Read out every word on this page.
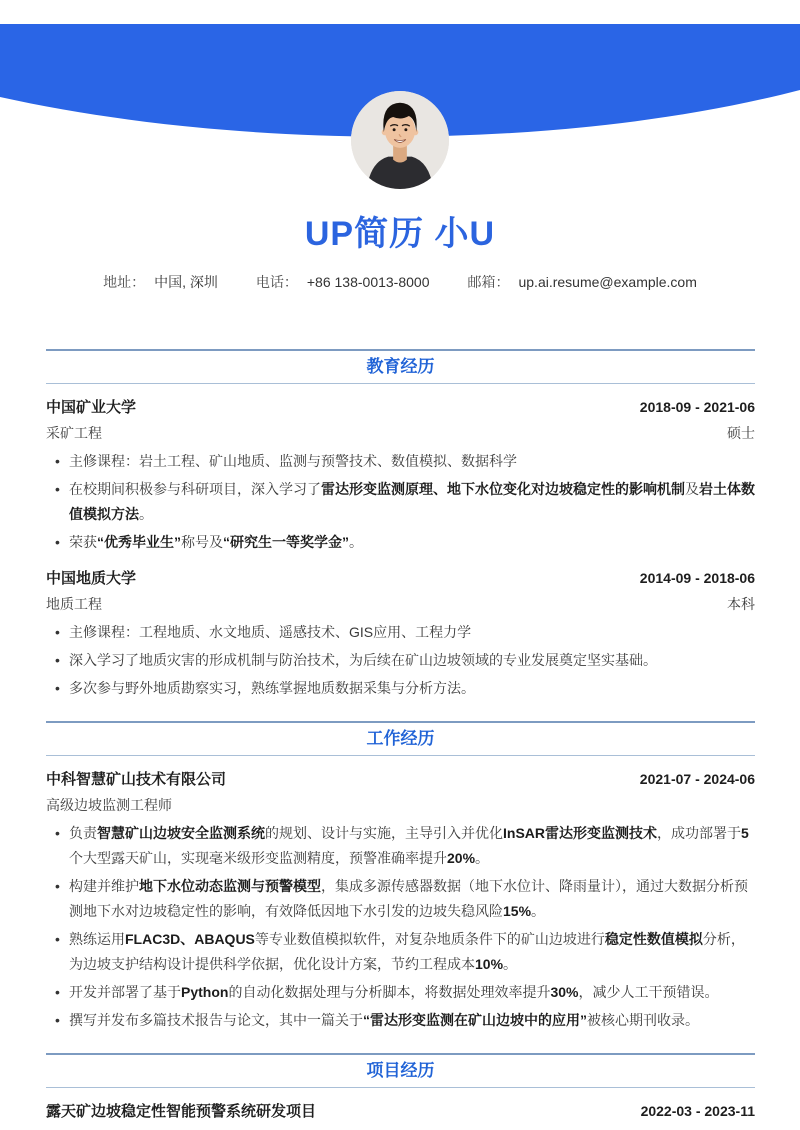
UP简历 小U
地址： 中国, 深圳	电话： +86 138-0013-8000	邮箱： up.ai.resume@example.com
教育经历
中国矿业大学	2018-09 - 2021-06
采矿工程	硕士
• 主修课程：岩土工程、矿山地质、监测与预警技术、数值模拟、数据科学
• 在校期间积极参与科研项目，深入学习了雷达形变监测原理、地下水位变化对边坡稳定性的影响机制及岩土体数值模拟方法。
• 荣获“优秀毕业生”称号及“研究生一等奖学金”。
中国地质大学	2014-09 - 2018-06
地质工程	本科
• 主修课程：工程地质、水文地质、遥感技术、GIS应用、工程力学
• 深入学习了地质灾害的形成机制与防治技术，为后续在矿山边坡领域的专业发展奠定坚实基础。
• 多次参与野外地质勘察实习，熟练掌握地质数据采集与分析方法。
工作经历
中科智慧矿山技术有限公司	2021-07 - 2024-06
高级边坡监测工程师
• 负责智慧矿山边坡安全监测系统的规划、设计与实施，主导引入并优化InSAR雷达形变监测技术，成功部署于5个大型露天矿山，实现毫米级形变监测精度，预警准确率提升20%。
• 构建并维护地下水位动态监测与预警模型，集成多源传感器数据（地下水位计、降雨量计），通过大数据分析预测地下水对边坡稳定性的影响，有效降低因地下水引发的边坡失稳风险15%。
• 熟练运用FLAC3D、ABAQUS等专业数值模拟软件，对复杂地质条件下的矿山边坡进行稳定性数值模拟分析，为边坡支护结构设计提供科学依据，优化设计方案，节约工程成本10%。
• 开发并部署了基于Python的自动化数据处理与分析脚本，将数据处理效率提升30%，减少人工干预错误。
• 撰写并发布多篇技术报告与论文，其中一篇关于“雷达形变监测在矿山边坡中的应用”被核心期刊收录。
项目经历
露天矿边坡稳定性智能预警系统研发项目	2022-03 - 2023-11
